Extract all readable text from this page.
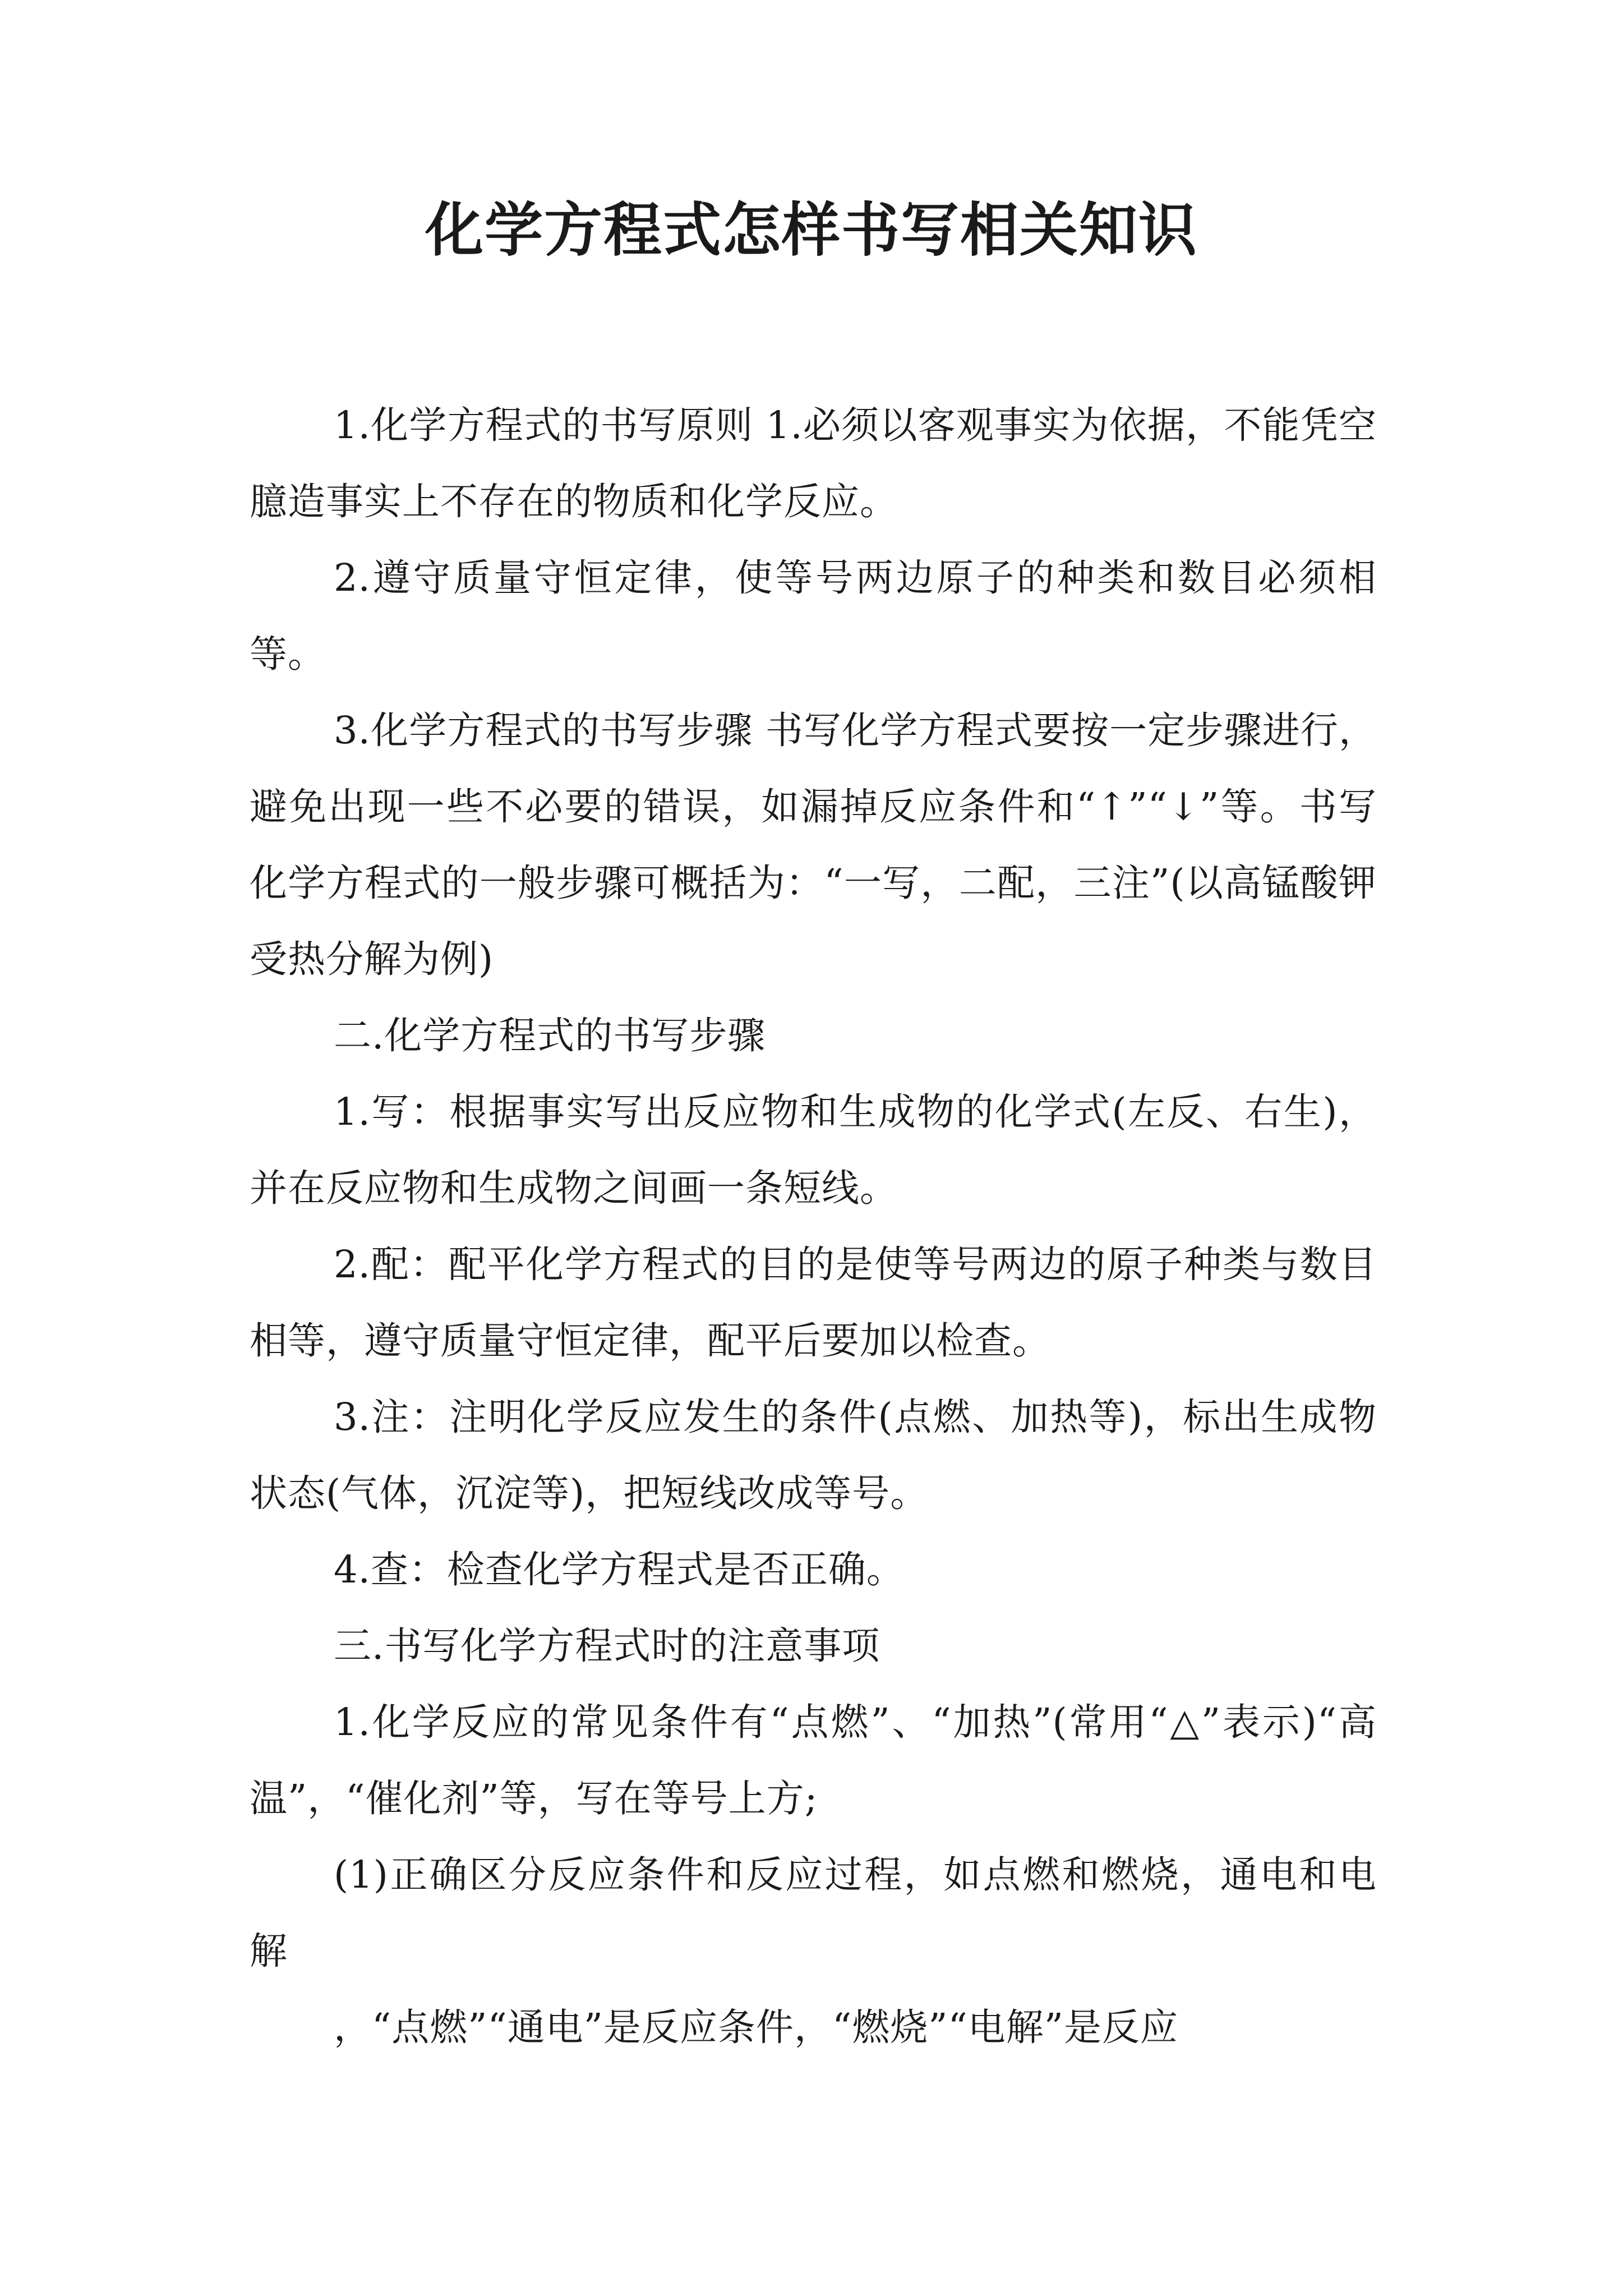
化学方程式怎样书写相关知识

1.化学方程式的书写原则 1.必须以客观事实为依据，不能凭空臆造事实上不存在的物质和化学反应。

2.遵守质量守恒定律，使等号两边原子的种类和数目必须相等。

3.化学方程式的书写步骤 书写化学方程式要按一定步骤进行，避免出现一些不必要的错误，如漏掉反应条件和“↑”“↓”等。书写化学方程式的一般步骤可概括为：“一写，二配，三注”(以高锰酸钾受热分解为例)

二.化学方程式的书写步骤

1.写：根据事实写出反应物和生成物的化学式(左反、右生)，并在反应物和生成物之间画一条短线。

2.配：配平化学方程式的目的是使等号两边的原子种类与数目相等，遵守质量守恒定律，配平后要加以检查。

3.注：注明化学反应发生的条件(点燃、加热等)，标出生成物状态(气体，沉淀等)，把短线改成等号。

4.查：检查化学方程式是否正确。

三.书写化学方程式时的注意事项

1.化学反应的常见条件有“点燃”、“加热”(常用“△”表示)“高温”，“催化剂”等，写在等号上方;

(1)正确区分反应条件和反应过程，如点燃和燃烧，通电和电解

，“点燃”“通电”是反应条件，“燃烧”“电解”是反应
